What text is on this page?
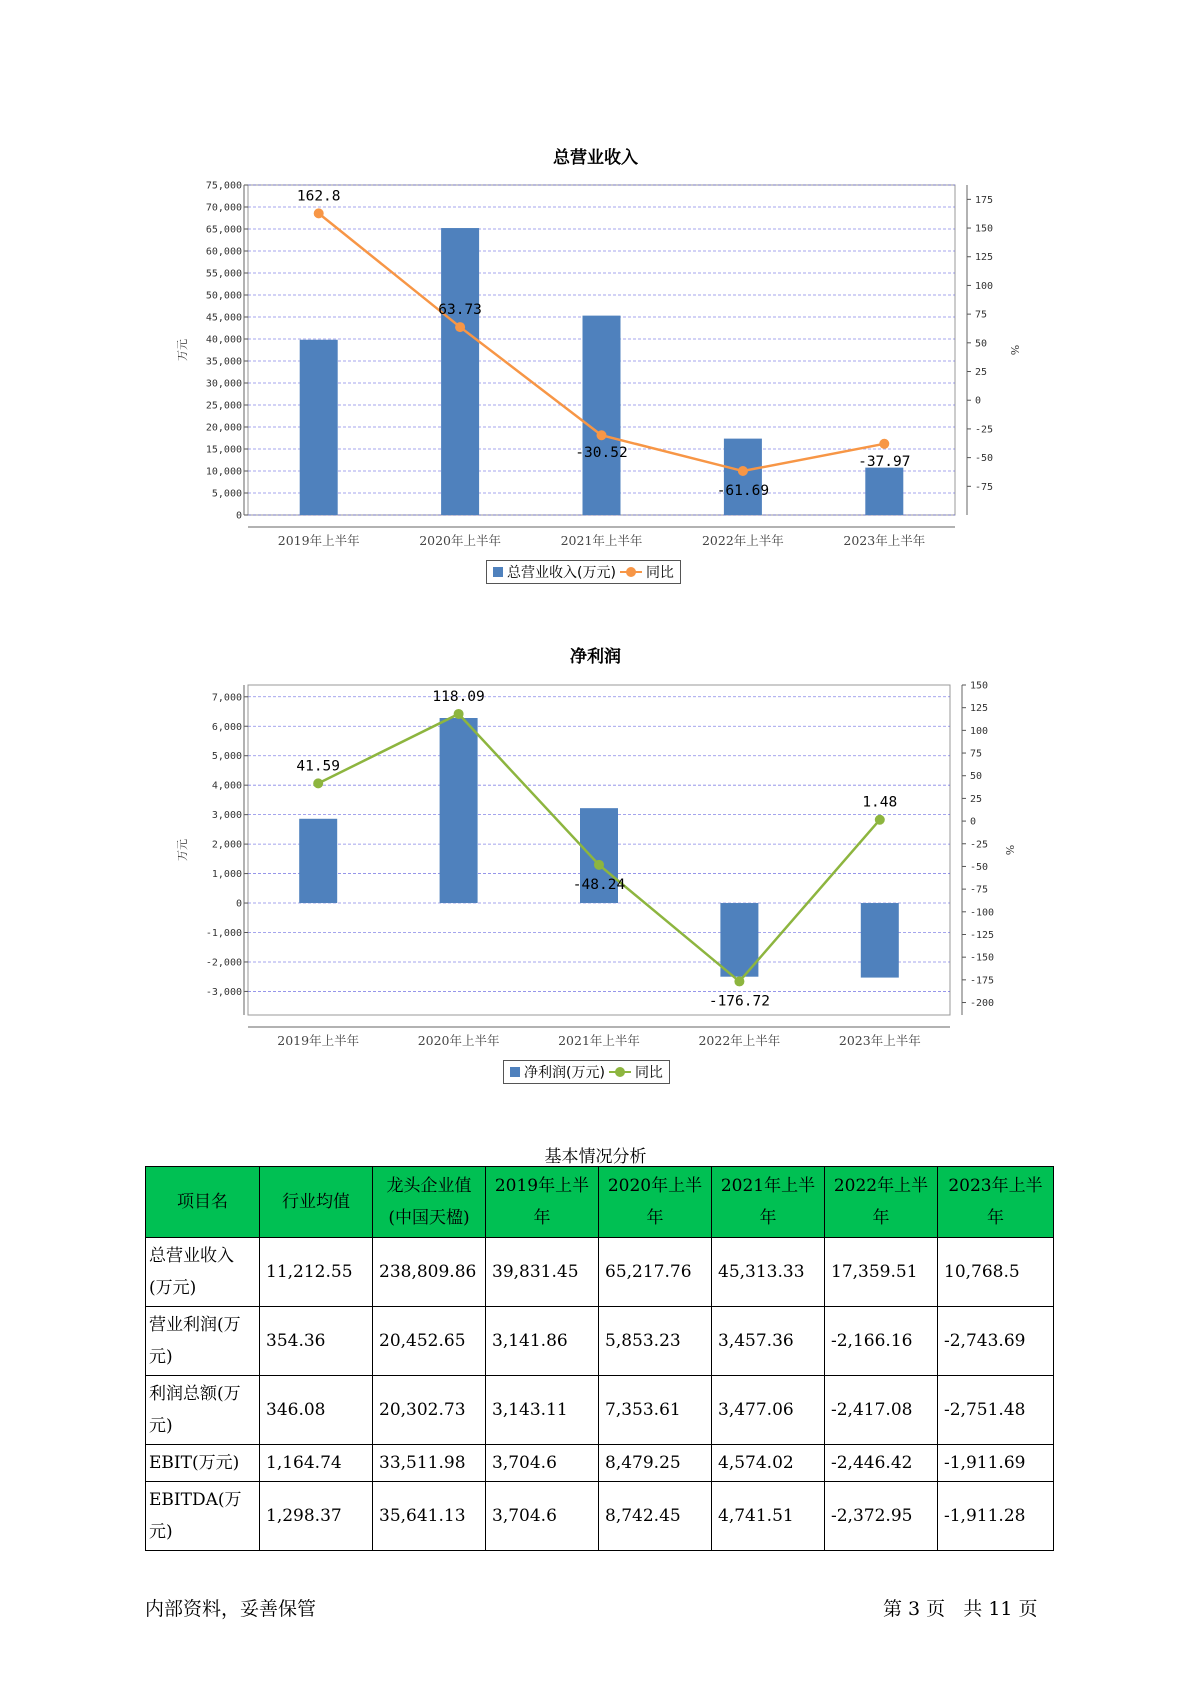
总营业收入
0
5,000
10,000
15,000
20,000
25,000
30,000
35,000
40,000
45,000
50,000
55,000
60,000
65,000
70,000
75,000
-75
-50
-25
0
25
50
75
100
125
150
175
万元	%
2019年上半年	2020年上半年	2021年上半年	2022年上半年	2023年上半年
162.8
63.73
-30.52
-61.69
-37.97
总营业收入(万元) 同比
净利润
-3,000
-2,000
-1,000
0
1,000
2,000
3,000
4,000
5,000
6,000
7,000
-200
-175
-150
-125
-100
-75
-50
-25
0
25
50
75
100
125
150
万元	%
2019年上半年	2020年上半年	2021年上半年	2022年上半年	2023年上半年
41.59
118.09
-48.24
-176.72
1.48
净利润(万元) 同比
基本情况分析
项目名	行业均值	龙头企业值(中国天楹)	2019年上半年	2020年上半年	2021年上半年	2022年上半年	2023年上半年
总营业收入(万元)	11,212.55	238,809.86	39,831.45	65,217.76	45,313.33	17,359.51	10,768.5
营业利润(万元)	354.36	20,452.65	3,141.86	5,853.23	3,457.36	-2,166.16	-2,743.69
利润总额(万元)	346.08	20,302.73	3,143.11	7,353.61	3,477.06	-2,417.08	-2,751.48
EBIT(万元)	1,164.74	33,511.98	3,704.6	8,479.25	4,574.02	-2,446.42	-1,911.69
EBITDA(万元)	1,298.37	35,641.13	3,704.6	8,742.45	4,741.51	-2,372.95	-1,911.28
内部资料，妥善保管	第 3 页   共 11 页
